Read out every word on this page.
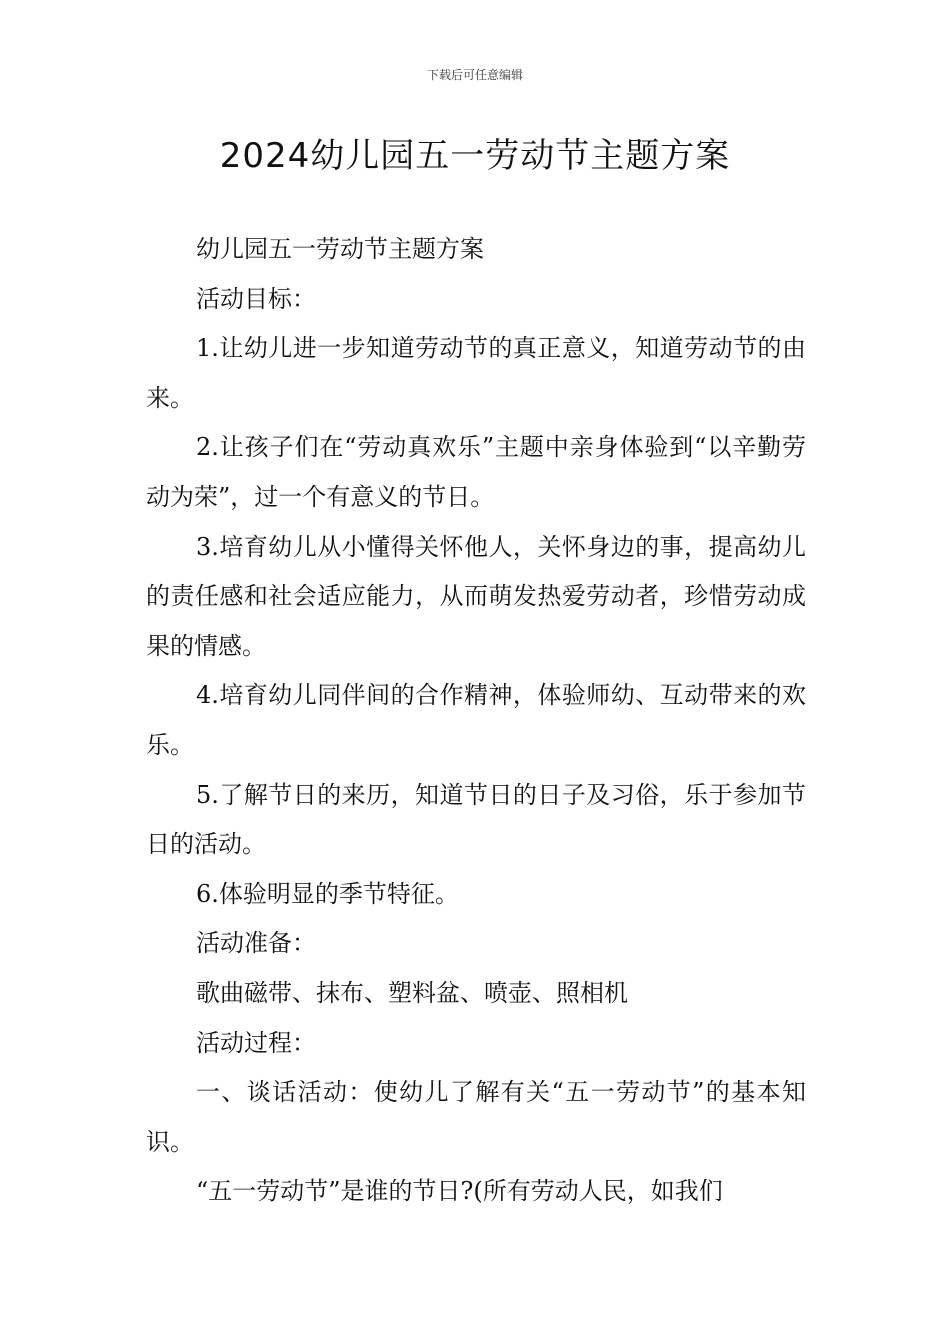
下载后可任意编辑
2024幼儿园五一劳动节主题方案

幼儿园五一劳动节主题方案

活动目标：

1.让幼儿进一步知道劳动节的真正意义，知道劳动节的由来。

2.让孩子们在“劳动真欢乐”主题中亲身体验到“以辛勤劳动为荣”，过一个有意义的节日。

3.培育幼儿从小懂得关怀他人，关怀身边的事，提高幼儿的责任感和社会适应能力，从而萌发热爱劳动者，珍惜劳动成果的情感。

4.培育幼儿同伴间的合作精神，体验师幼、互动带来的欢乐。

5.了解节日的来历，知道节日的日子及习俗，乐于参加节日的活动。

6.体验明显的季节特征。

活动准备：

歌曲磁带、抹布、塑料盆、喷壶、照相机

活动过程：

一、谈话活动：使幼儿了解有关“五一劳动节”的基本知识。

“五一劳动节”是谁的节日?(所有劳动人民，如我们
